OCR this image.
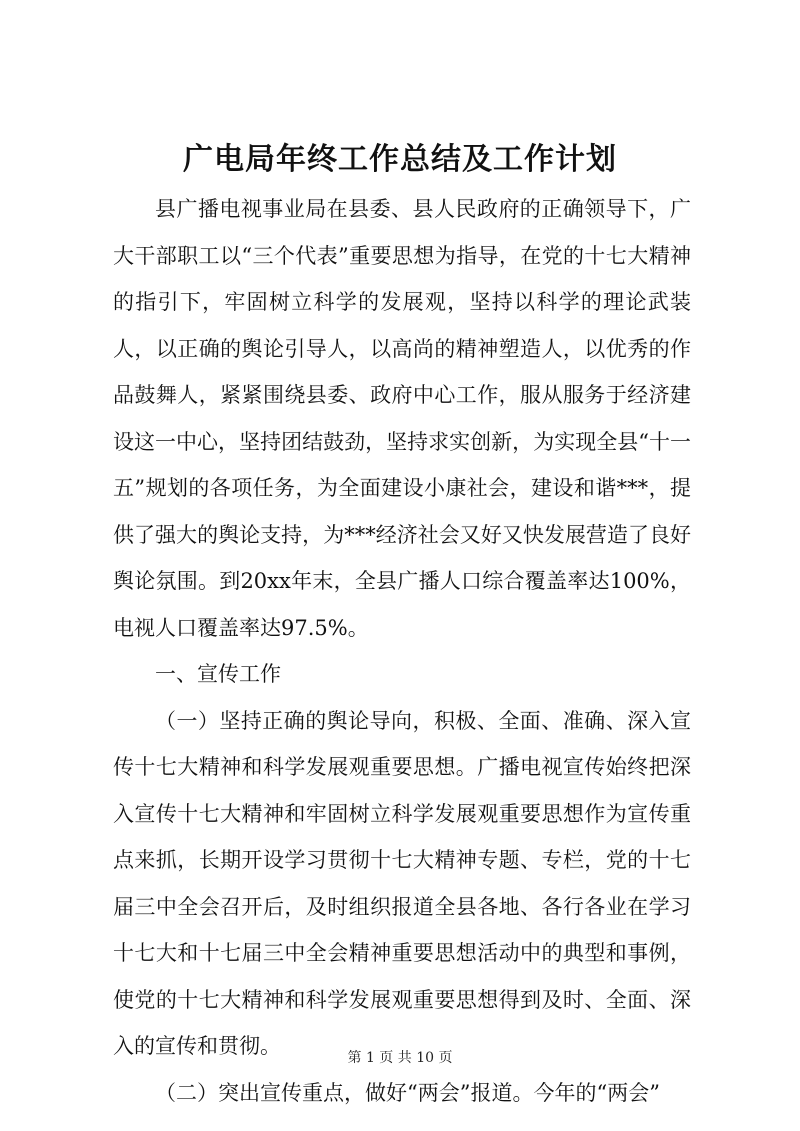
广电局年终工作总结及工作计划

县广播电视事业局在县委、县人民政府的正确领导下，广大干部职工以“三个代表”重要思想为指导，在党的十七大精神的指引下，牢固树立科学的发展观，坚持以科学的理论武装人，以正确的舆论引导人，以高尚的精神塑造人，以优秀的作品鼓舞人，紧紧围绕县委、政府中心工作，服从服务于经济建设这一中心，坚持团结鼓劲，坚持求实创新，为实现全县“十一五”规划的各项任务，为全面建设小康社会，建设和谐***，提供了强大的舆论支持，为***经济社会又好又快发展营造了良好舆论氛围。到20xx年末，全县广播人口综合覆盖率达100%，电视人口覆盖率达97.5%。

一、宣传工作

（一）坚持正确的舆论导向，积极、全面、准确、深入宣传十七大精神和科学发展观重要思想。广播电视宣传始终把深入宣传十七大精神和牢固树立科学发展观重要思想作为宣传重点来抓，长期开设学习贯彻十七大精神专题、专栏，党的十七届三中全会召开后，及时组织报道全县各地、各行各业在学习十七大和十七届三中全会精神重要思想活动中的典型和事例，使党的十七大精神和科学发展观重要思想得到及时、全面、深入的宣传和贯彻。

（二）突出宣传重点，做好“两会”报道。今年的“两会”

第 1 页 共 10 页
